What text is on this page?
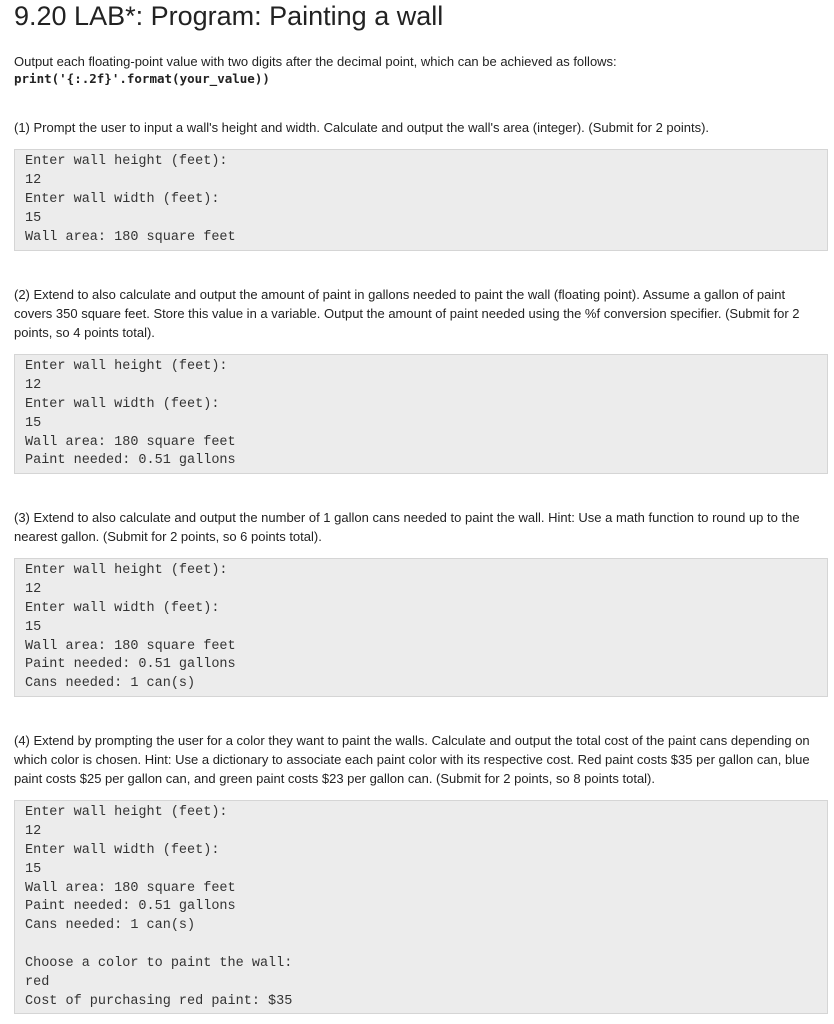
9.20 LAB*: Program: Painting a wall
Output each floating-point value with two digits after the decimal point, which can be achieved as follows:
print('{:.2f}'.format(your_value))
(1) Prompt the user to input a wall's height and width. Calculate and output the wall's area (integer). (Submit for 2 points).
Enter wall height (feet):
12
Enter wall width (feet):
15
Wall area: 180 square feet
(2) Extend to also calculate and output the amount of paint in gallons needed to paint the wall (floating point). Assume a gallon of paint covers 350 square feet. Store this value in a variable. Output the amount of paint needed using the %f conversion specifier. (Submit for 2 points, so 4 points total).
Enter wall height (feet):
12
Enter wall width (feet):
15
Wall area: 180 square feet
Paint needed: 0.51 gallons
(3) Extend to also calculate and output the number of 1 gallon cans needed to paint the wall. Hint: Use a math function to round up to the nearest gallon. (Submit for 2 points, so 6 points total).
Enter wall height (feet):
12
Enter wall width (feet):
15
Wall area: 180 square feet
Paint needed: 0.51 gallons
Cans needed: 1 can(s)
(4) Extend by prompting the user for a color they want to paint the walls. Calculate and output the total cost of the paint cans depending on which color is chosen. Hint: Use a dictionary to associate each paint color with its respective cost. Red paint costs $35 per gallon can, blue paint costs $25 per gallon can, and green paint costs $23 per gallon can. (Submit for 2 points, so 8 points total).
Enter wall height (feet):
12
Enter wall width (feet):
15
Wall area: 180 square feet
Paint needed: 0.51 gallons
Cans needed: 1 can(s)
Choose a color to paint the wall:
red
Cost of purchasing red paint: $35
